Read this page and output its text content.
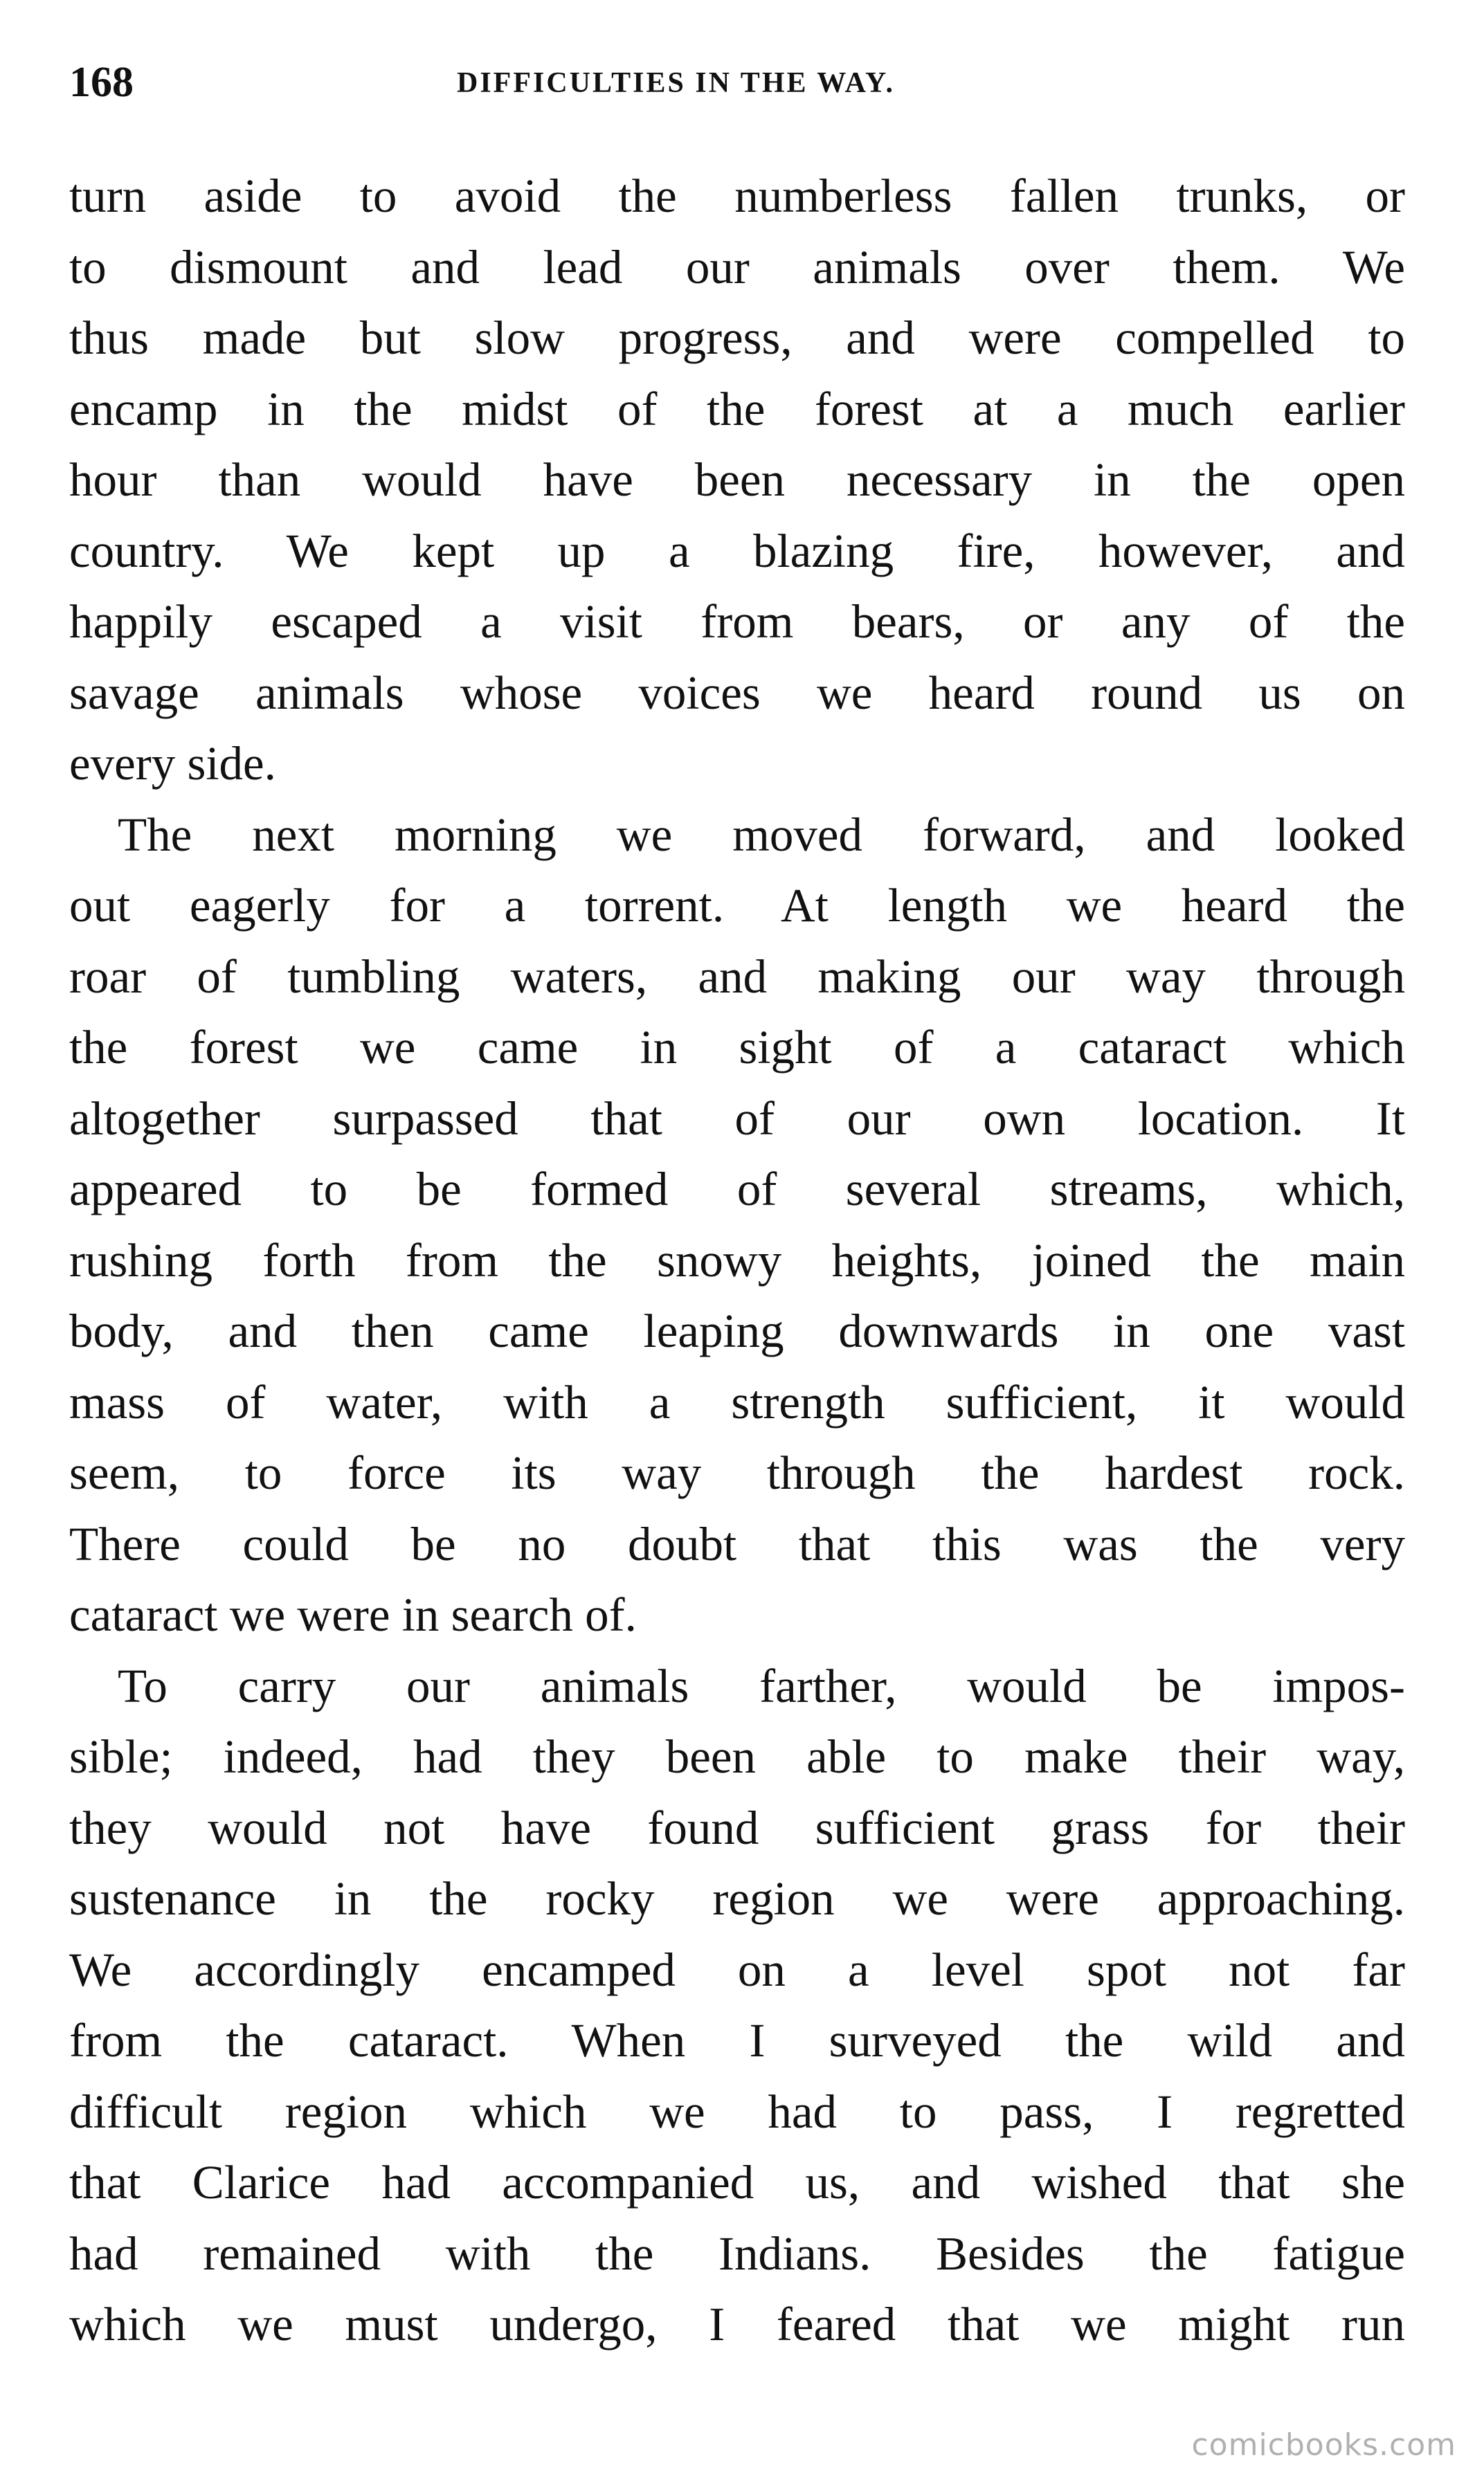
168	DIFFICULTIES IN THE WAY.
turn aside to avoid the numberless fallen trunks, or
to dismount and lead our animals over them. We
thus made but slow progress, and were compelled to
encamp in the midst of the forest at a much earlier
hour than would have been necessary in the open
country. We kept up a blazing fire, however, and
happily escaped a visit from bears, or any of the
savage animals whose voices we heard round us on
every side.
The next morning we moved forward, and looked
out eagerly for a torrent. At length we heard the
roar of tumbling waters, and making our way through
the forest we came in sight of a cataract which
altogether surpassed that of our own location. It
appeared to be formed of several streams, which,
rushing forth from the snowy heights, joined the main
body, and then came leaping downwards in one vast
mass of water, with a strength sufficient, it would
seem, to force its way through the hardest rock.
There could be no doubt that this was the very
cataract we were in search of.
To carry our animals farther, would be impos-
sible; indeed, had they been able to make their way,
they would not have found sufficient grass for their
sustenance in the rocky region we were approaching.
We accordingly encamped on a level spot not far
from the cataract. When I surveyed the wild and
difficult region which we had to pass, I regretted
that Clarice had accompanied us, and wished that she
had remained with the Indians. Besides the fatigue
which we must undergo, I feared that we might run
comicbooks.com
